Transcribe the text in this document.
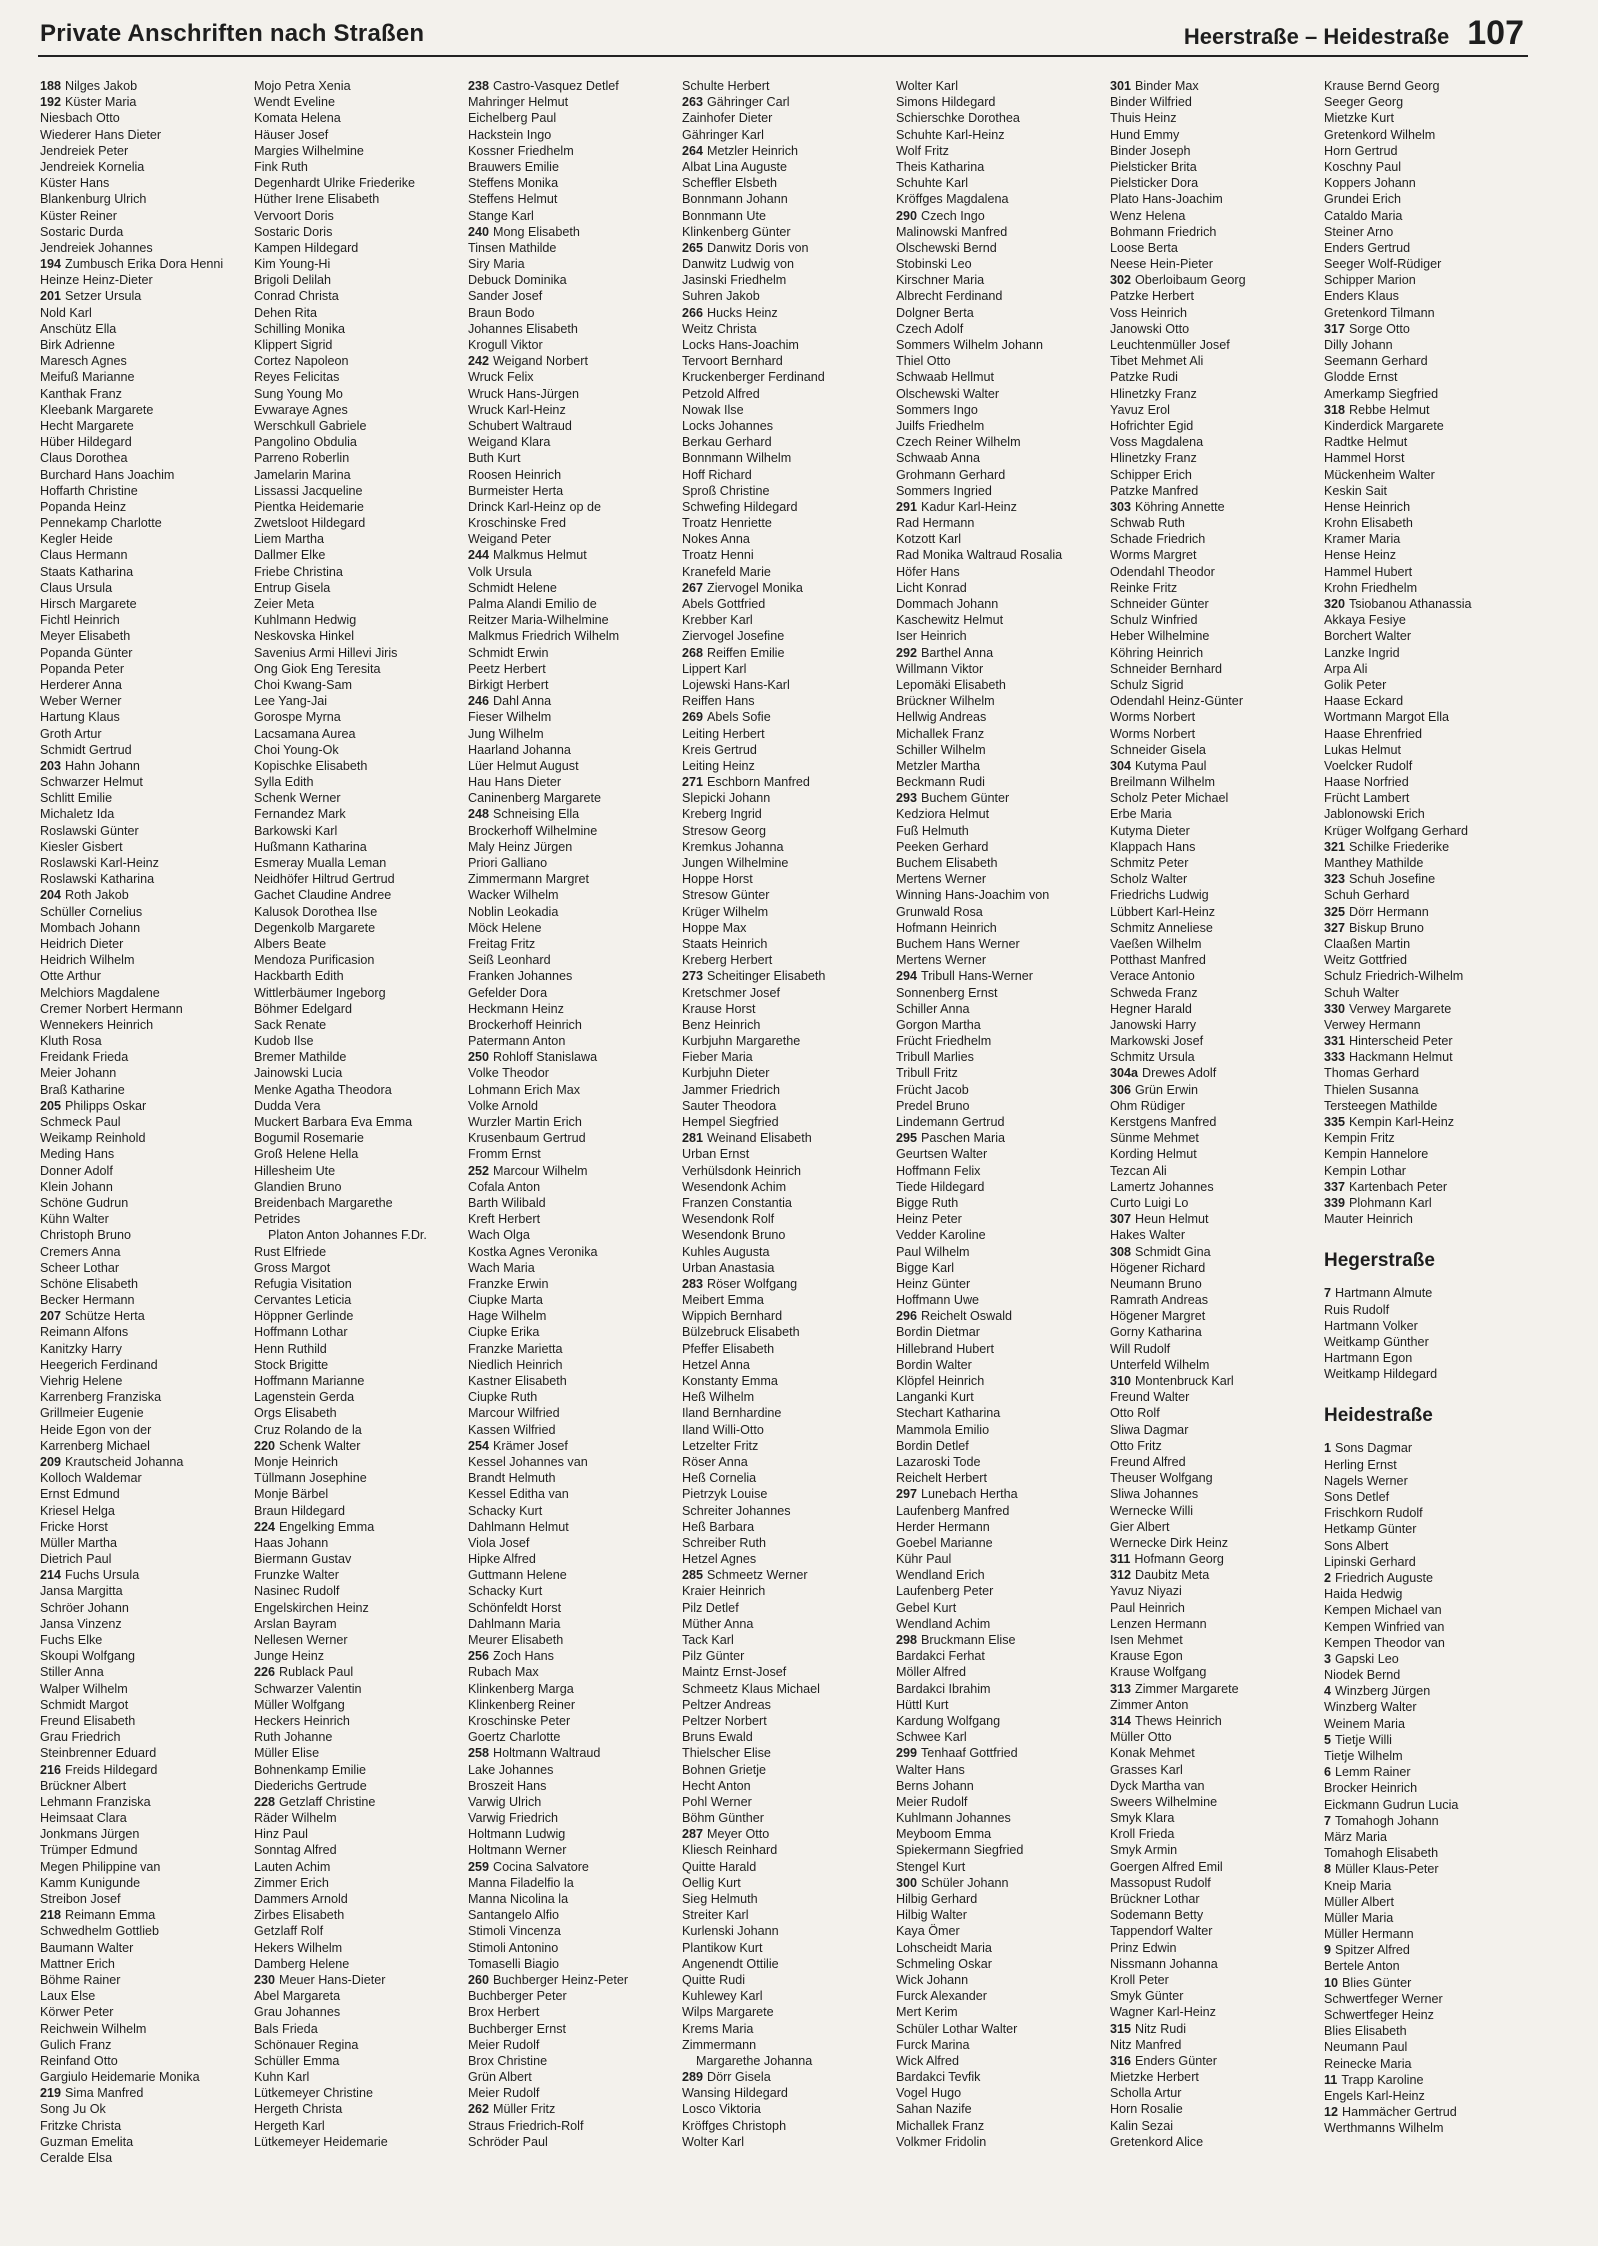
Private Anschriften nach Straßen	Heerstraße – Heidestraße 107
188 Nilges Jakob
192 Küster Maria
Niesbach Otto
Wiederer Hans Dieter
Jendreiek Peter
Jendreiek Kornelia
Küster Hans
Blankenburg Ulrich
Küster Reiner
Sostaric Durda
Jendreiek Johannes
194 Zumbusch Erika Dora Henni
Heinze Heinz-Dieter
201 Setzer Ursula
Nold Karl
Anschütz Ella
Birk Adrienne
Maresch Agnes
Meifuß Marianne
Kanthak Franz
Kleebank Margarete
Hecht Margarete
Hüber Hildegard
Claus Dorothea
Burchard Hans Joachim
Hoffarth Christine
Popanda Heinz
Pennekamp Charlotte
Kegler Heide
Claus Hermann
Staats Katharina
Claus Ursula
Hirsch Margarete
Fichtl Heinrich
Meyer Elisabeth
Popanda Günter
Popanda Peter
Herderer Anna
Weber Werner
Hartung Klaus
Groth Artur
Schmidt Gertrud
203 Hahn Johann
Schwarzer Helmut
Schlitt Emilie
Michaletz Ida
Roslawski Günter
Kiesler Gisbert
Roslawski Karl-Heinz
Roslawski Katharina
204 Roth Jakob
Schüller Cornelius
Mombach Johann
Heidrich Dieter
Heidrich Wilhelm
Otte Arthur
Melchiors Magdalene
Cremer Norbert Hermann
Wennekers Heinrich
Kluth Rosa
Freidank Frieda
Meier Johann
Braß Katharine
205 Philipps Oskar
Schmeck Paul
Weikamp Reinhold
Meding Hans
Donner Adolf
Klein Johann
Schöne Gudrun
Kühn Walter
Christoph Bruno
Cremers Anna
Scheer Lothar
Schöne Elisabeth
Becker Hermann
207 Schütze Herta
Reimann Alfons
Kanitzky Harry
Heegerich Ferdinand
Viehrig Helene
Karrenberg Franziska
Grillmeier Eugenie
Heide Egon von der
Karrenberg Michael
209 Krautscheid Johanna
Kolloch Waldemar
Ernst Edmund
Kriesel Helga
Fricke Horst
Müller Martha
Dietrich Paul
214 Fuchs Ursula
Jansa Margitta
Schröer Johann
Jansa Vinzenz
Fuchs Elke
Skoupi Wolfgang
Stiller Anna
Walper Wilhelm
Schmidt Margot
Freund Elisabeth
Grau Friedrich
Steinbrenner Eduard
216 Freids Hildegard
Brückner Albert
Lehmann Franziska
Heimsaat Clara
Jonkmans Jürgen
Trümper Edmund
Megen Philippine van
Kamm Kunigunde
Streibon Josef
218 Reimann Emma
Schwedhelm Gottlieb
Baumann Walter
Mattner Erich
Böhme Rainer
Laux Else
Körwer Peter
Reichwein Wilhelm
Gulich Franz
Reinfand Otto
Gargiulo Heidemarie Monika
219 Sima Manfred
Song Ju Ok
Fritzke Christa
Guzman Emelita
Ceralde Elsa
Mojo Petra Xenia
Wendt Eveline
Komata Helena
Häuser Josef
Margies Wilhelmine
Fink Ruth
Degenhardt Ulrike Friederike
Hüther Irene Elisabeth
Vervoort Doris
Sostaric Doris
Kampen Hildegard
Kim Young-Hi
Brigoli Delilah
Conrad Christa
Dehen Rita
Schilling Monika
Klippert Sigrid
Cortez Napoleon
Reyes Felicitas
Sung Young Mo
Evwaraye Agnes
Werschkull Gabriele
Pangolino Obdulia
Parreno Roberlin
Jamelarin Marina
Lissassi Jacqueline
Pientka Heidemarie
Zwetsloot Hildegard
Liem Martha
Dallmer Elke
Friebe Christina
Entrup Gisela
Zeier Meta
Kuhlmann Hedwig
Neskovska Hinkel
Savenius Armi Hillevi Jiris
Ong Giok Eng Teresita
Choi Kwang-Sam
Lee Yang-Jai
Gorospe Myrna
Lacsamana Aurea
Choi Young-Ok
Kopischke Elisabeth
Sylla Edith
Schenk Werner
Fernandez Mark
Barkowski Karl
Hußmann Katharina
Esmeray Mualla Leman
Neidhöfer Hiltrud Gertrud
Gachet Claudine Andree
Kalusok Dorothea Ilse
Degenkolb Margarete
Albers Beate
Mendoza Purificasion
Hackbarth Edith
Wittlerbäumer Ingeborg
Böhmer Edelgard
Sack Renate
Kudob Ilse
Bremer Mathilde
Jainowski Lucia
Menke Agatha Theodora
Dudda Vera
Muckert Barbara Eva Emma
Bogumil Rosemarie
Groß Helene Hella
Hillesheim Ute
Glandien Bruno
Breidenbach Margarethe
Petrides
Platon Anton Johannes F.Dr.
Rust Elfriede
Gross Margot
Refugia Visitation
Cervantes Leticia
Höppner Gerlinde
Hoffmann Lothar
Henn Ruthild
Stock Brigitte
Hoffmann Marianne
Lagenstein Gerda
Orgs Elisabeth
Cruz Rolando de la
220 Schenk Walter
Monje Heinrich
Tüllmann Josephine
Monje Bärbel
Braun Hildegard
224 Engelking Emma
Haas Johann
Biermann Gustav
Frunzke Walter
Nasinec Rudolf
Engelskirchen Heinz
Arslan Bayram
Nellesen Werner
Junge Heinz
226 Rublack Paul
Schwarzer Valentin
Müller Wolfgang
Heckers Heinrich
Ruth Johanne
Müller Elise
Bohnenkamp Emilie
Diederichs Gertrude
228 Getzlaff Christine
Räder Wilhelm
Hinz Paul
Sonntag Alfred
Lauten Achim
Zimmer Erich
Dammers Arnold
Zirbes Elisabeth
Getzlaff Rolf
Hekers Wilhelm
Damberg Helene
230 Meuer Hans-Dieter
Abel Margareta
Grau Johannes
Bals Frieda
Schönauer Regina
Schüller Emma
Kuhn Karl
Lütkemeyer Christine
Hergeth Christa
Hergeth Karl
Lütkemeyer Heidemarie
238 Castro-Vasquez Detlef
Mahringer Helmut
Eichelberg Paul
Hackstein Ingo
Kossner Friedhelm
Brauwers Emilie
Steffens Monika
Steffens Helmut
Stange Karl
240 Mong Elisabeth
Tinsen Mathilde
Siry Maria
Debuck Dominika
Sander Josef
Braun Bodo
Johannes Elisabeth
Krogull Viktor
242 Weigand Norbert
Wruck Felix
Wruck Hans-Jürgen
Wruck Karl-Heinz
Schubert Waltraud
Weigand Klara
Buth Kurt
Roosen Heinrich
Burmeister Herta
Drinck Karl-Heinz op de
Kroschinske Fred
Weigand Peter
244 Malkmus Helmut
Volk Ursula
Schmidt Helene
Palma Alandi Emilio de
Reitzer Maria-Wilhelmine
Malkmus Friedrich Wilhelm
Schmidt Erwin
Peetz Herbert
Birkigt Herbert
246 Dahl Anna
Fieser Wilhelm
Jung Wilhelm
Haarland Johanna
Lüer Helmut August
Hau Hans Dieter
Caninenberg Margarete
248 Schneising Ella
Brockerhoff Wilhelmine
Maly Heinz Jürgen
Priori Galliano
Zimmermann Margret
Wacker Wilhelm
Noblin Leokadia
Möck Helene
Freitag Fritz
Seiß Leonhard
Franken Johannes
Gefelder Dora
Heckmann Heinz
Brockerhoff Heinrich
Patermann Anton
250 Rohloff Stanislawa
Volke Theodor
Lohmann Erich Max
Volke Arnold
Wurzler Martin Erich
Krusenbaum Gertrud
Fromm Ernst
252 Marcour Wilhelm
Cofala Anton
Barth Wilibald
Kreft Herbert
Wach Olga
Kostka Agnes Veronika
Wach Maria
Franzke Erwin
Ciupke Marta
Hage Wilhelm
Ciupke Erika
Franzke Marietta
Niedlich Heinrich
Kastner Elisabeth
Ciupke Ruth
Marcour Wilfried
Kassen Wilfried
254 Krämer Josef
Kessel Johannes van
Brandt Helmuth
Kessel Editha van
Schacky Kurt
Dahlmann Helmut
Viola Josef
Hipke Alfred
Guttmann Helene
Schacky Kurt
Schönfeldt Horst
Dahlmann Maria
Meurer Elisabeth
256 Zoch Hans
Rubach Max
Klinkenberg Marga
Klinkenberg Reiner
Kroschinske Peter
Goertz Charlotte
258 Holtmann Waltraud
Lake Johannes
Broszeit Hans
Varwig Ulrich
Varwig Friedrich
Holtmann Ludwig
Holtmann Werner
259 Cocina Salvatore
Manna Filadelfio la
Manna Nicolina la
Santangelo Alfio
Stimoli Vincenza
Stimoli Antonino
Tomaselli Biagio
260 Buchberger Heinz-Peter
Buchberger Peter
Brox Herbert
Buchberger Ernst
Meier Rudolf
Brox Christine
Grün Albert
Meier Rudolf
262 Müller Fritz
Straus Friedrich-Rolf
Schröder Paul
Schulte Herbert
263 Gähringer Carl
Zainhofer Dieter
Gähringer Karl
264 Metzler Heinrich
Albat Lina Auguste
Scheffler Elsbeth
Bonnmann Johann
Bonnmann Ute
Klinkenberg Günter
265 Danwitz Doris von
Danwitz Ludwig von
Jasinski Friedhelm
Suhren Jakob
266 Hucks Heinz
Weitz Christa
Locks Hans-Joachim
Tervoort Bernhard
Kruckenberger Ferdinand
Petzold Alfred
Nowak Ilse
Locks Johannes
Berkau Gerhard
Bonnmann Wilhelm
Hoff Richard
Sproß Christine
Schwefing Hildegard
Troatz Henriette
Nokes Anna
Troatz Henni
Kranefeld Marie
267 Ziervogel Monika
Abels Gottfried
Krebber Karl
Ziervogel Josefine
268 Reiffen Emilie
Lippert Karl
Lojewski Hans-Karl
Reiffen Hans
269 Abels Sofie
Leiting Herbert
Kreis Gertrud
Leiting Heinz
271 Eschborn Manfred
Slepicki Johann
Kreberg Ingrid
Stresow Georg
Kremkus Johanna
Jungen Wilhelmine
Hoppe Horst
Stresow Günter
Krüger Wilhelm
Hoppe Max
Staats Heinrich
Kreberg Herbert
273 Scheitinger Elisabeth
Kretschmer Josef
Krause Horst
Benz Heinrich
Kurbjuhn Margarethe
Fieber Maria
Kurbjuhn Dieter
Jammer Friedrich
Sauter Theodora
Hempel Siegfried
281 Weinand Elisabeth
Urban Ernst
Verhülsdonk Heinrich
Wesendonk Achim
Franzen Constantia
Wesendonk Rolf
Wesendonk Bruno
Kuhles Augusta
Urban Anastasia
283 Röser Wolfgang
Meibert Emma
Wippich Bernhard
Bülzebruck Elisabeth
Pfeffer Elisabeth
Hetzel Anna
Konstanty Emma
Heß Wilhelm
Iland Bernhardine
Iland Willi-Otto
Letzelter Fritz
Röser Anna
Heß Cornelia
Pietrzyk Louise
Schreiter Johannes
Heß Barbara
Schreiber Ruth
Hetzel Agnes
285 Schmeetz Werner
Kraier Heinrich
Pilz Detlef
Müther Anna
Tack Karl
Pilz Günter
Maintz Ernst-Josef
Schmeetz Klaus Michael
Peltzer Andreas
Peltzer Norbert
Bruns Ewald
Thielscher Elise
Bohnen Grietje
Hecht Anton
Pohl Werner
Böhm Günther
287 Meyer Otto
Kliesch Reinhard
Quitte Harald
Oellig Kurt
Sieg Helmuth
Streiter Karl
Kurlenski Johann
Plantikow Kurt
Angenendt Ottilie
Quitte Rudi
Kuhlewey Karl
Wilps Margarete
Krems Maria
Zimmermann
Margarethe Johanna
289 Dörr Gisela
Wansing Hildegard
Losco Viktoria
Kröffges Christoph
Wolter Karl
Wolter Karl
Simons Hildegard
Schierschke Dorothea
Schuhte Karl-Heinz
Wolf Fritz
Theis Katharina
Schuhte Karl
Kröffges Magdalena
290 Czech Ingo
Malinowski Manfred
Olschewski Bernd
Stobinski Leo
Kirschner Maria
Albrecht Ferdinand
Dolgner Berta
Czech Adolf
Sommers Wilhelm Johann
Thiel Otto
Schwaab Hellmut
Olschewski Walter
Sommers Ingo
Juilfs Friedhelm
Czech Reiner Wilhelm
Schwaab Anna
Grohmann Gerhard
Sommers Ingried
291 Kadur Karl-Heinz
Rad Hermann
Kotzott Karl
Rad Monika Waltraud Rosalia
Höfer Hans
Licht Konrad
Dommach Johann
Kaschewitz Helmut
Iser Heinrich
292 Barthel Anna
Willmann Viktor
Lepomäki Elisabeth
Brückner Wilhelm
Hellwig Andreas
Michallek Franz
Schiller Wilhelm
Metzler Martha
Beckmann Rudi
293 Buchem Günter
Kedziora Helmut
Fuß Helmuth
Peeken Gerhard
Buchem Elisabeth
Mertens Werner
Winning Hans-Joachim von
Grunwald Rosa
Hofmann Heinrich
Buchem Hans Werner
Mertens Werner
294 Tribull Hans-Werner
Sonnenberg Ernst
Schiller Anna
Gorgon Martha
Frücht Friedhelm
Tribull Marlies
Tribull Fritz
Frücht Jacob
Predel Bruno
Lindemann Gertrud
295 Paschen Maria
Geurtsen Walter
Hoffmann Felix
Tiede Hildegard
Bigge Ruth
Heinz Peter
Vedder Karoline
Paul Wilhelm
Bigge Karl
Heinz Günter
Hoffmann Uwe
296 Reichelt Oswald
Bordin Dietmar
Hillebrand Hubert
Bordin Walter
Klöpfel Heinrich
Langanki Kurt
Stechart Katharina
Mammola Emilio
Bordin Detlef
Lazaroski Tode
Reichelt Herbert
297 Lunebach Hertha
Laufenberg Manfred
Herder Hermann
Goebel Marianne
Kühr Paul
Wendland Erich
Laufenberg Peter
Gebel Kurt
Wendland Achim
298 Bruckmann Elise
Bardakci Ferhat
Möller Alfred
Bardakci Ibrahim
Hüttl Kurt
Kardung Wolfgang
Schwee Karl
299 Tenhaaf Gottfried
Walter Hans
Berns Johann
Meier Rudolf
Kuhlmann Johannes
Meyboom Emma
Spiekermann Siegfried
Stengel Kurt
300 Schüler Johann
Hilbig Gerhard
Hilbig Walter
Kaya Ömer
Lohscheidt Maria
Schmeling Oskar
Wick Johann
Furck Alexander
Mert Kerim
Schüler Lothar Walter
Furck Marina
Wick Alfred
Bardakci Tevfik
Vogel Hugo
Sahan Nazife
Michallek Franz
Volkmer Fridolin
301 Binder Max
Binder Wilfried
Thuis Heinz
Hund Emmy
Binder Joseph
Pielsticker Brita
Pielsticker Dora
Plato Hans-Joachim
Wenz Helena
Bohmann Friedrich
Loose Berta
Neese Hein-Pieter
302 Oberloibaum Georg
Patzke Herbert
Voss Heinrich
Janowski Otto
Leuchtenmüller Josef
Tibet Mehmet Ali
Patzke Rudi
Hlinetzky Franz
Yavuz Erol
Hofrichter Egid
Voss Magdalena
Hlinetzky Franz
Schipper Erich
Patzke Manfred
303 Köhring Annette
Schwab Ruth
Schade Friedrich
Worms Margret
Odendahl Theodor
Reinke Fritz
Schneider Günter
Schulz Winfried
Heber Wilhelmine
Köhring Heinrich
Schneider Bernhard
Schulz Sigrid
Odendahl Heinz-Günter
Worms Norbert
Worms Norbert
Schneider Gisela
304 Kutyma Paul
Breilmann Wilhelm
Scholz Peter Michael
Erbe Maria
Kutyma Dieter
Klappach Hans
Schmitz Peter
Scholz Walter
Friedrichs Ludwig
Lübbert Karl-Heinz
Schmitz Anneliese
Vaeßen Wilhelm
Potthast Manfred
Verace Antonio
Schweda Franz
Hegner Harald
Janowski Harry
Markowski Josef
Schmitz Ursula
304a Drewes Adolf
306 Grün Erwin
Ohm Rüdiger
Kerstgens Manfred
Sünme Mehmet
Kording Helmut
Tezcan Ali
Lamertz Johannes
Curto Luigi Lo
307 Heun Helmut
Hakes Walter
308 Schmidt Gina
Högener Richard
Neumann Bruno
Ramrath Andreas
Högener Margret
Gorny Katharina
Will Rudolf
Unterfeld Wilhelm
310 Montenbruck Karl
Freund Walter
Otto Rolf
Sliwa Dagmar
Otto Fritz
Freund Alfred
Theuser Wolfgang
Sliwa Johannes
Wernecke Willi
Gier Albert
Wernecke Dirk Heinz
311 Hofmann Georg
312 Daubitz Meta
Yavuz Niyazi
Paul Heinrich
Lenzen Hermann
Isen Mehmet
Krause Egon
Krause Wolfgang
313 Zimmer Margarete
Zimmer Anton
314 Thews Heinrich
Müller Otto
Konak Mehmet
Grasses Karl
Dyck Martha van
Sweers Wilhelmine
Smyk Klara
Kroll Frieda
Smyk Armin
Goergen Alfred Emil
Massopust Rudolf
Brückner Lothar
Sodemann Betty
Tappendorf Walter
Prinz Edwin
Nissmann Johanna
Kroll Peter
Smyk Günter
Wagner Karl-Heinz
315 Nitz Rudi
Nitz Manfred
316 Enders Günter
Mietzke Herbert
Scholla Artur
Horn Rosalie
Kalin Sezai
Gretenkord Alice
Krause Bernd Georg
Seeger Georg
Mietzke Kurt
Gretenkord Wilhelm
Horn Gertrud
Koschny Paul
Koppers Johann
Grundei Erich
Cataldo Maria
Steiner Arno
Enders Gertrud
Seeger Wolf-Rüdiger
Schipper Marion
Enders Klaus
Gretenkord Tilmann
317 Sorge Otto
Dilly Johann
Seemann Gerhard
Glodde Ernst
Amerkamp Siegfried
318 Rebbe Helmut
Kinderdick Margarete
Radtke Helmut
Hammel Horst
Mückenheim Walter
Keskin Sait
Hense Heinrich
Krohn Elisabeth
Kramer Maria
Hense Heinz
Hammel Hubert
Krohn Friedhelm
320 Tsiobanou Athanassia
Akkaya Fesiye
Borchert Walter
Lanzke Ingrid
Arpa Ali
Golik Peter
Haase Eckard
Wortmann Margot Ella
Haase Ehrenfried
Lukas Helmut
Voelcker Rudolf
Haase Norfried
Frücht Lambert
Jablonowski Erich
Krüger Wolfgang Gerhard
321 Schilke Friederike
Manthey Mathilde
323 Schuh Josefine
Schuh Gerhard
325 Dörr Hermann
327 Biskup Bruno
Claaßen Martin
Weitz Gottfried
Schulz Friedrich-Wilhelm
Schuh Walter
330 Verwey Margarete
Verwey Hermann
331 Hinterscheid Peter
333 Hackmann Helmut
Thomas Gerhard
Thielen Susanna
Tersteegen Mathilde
335 Kempin Karl-Heinz
Kempin Fritz
Kempin Hannelore
Kempin Lothar
337 Kartenbach Peter
339 Plohmann Karl
Mauter Heinrich
Hegerstraße
7 Hartmann Almute
Ruis Rudolf
Hartmann Volker
Weitkamp Günther
Hartmann Egon
Weitkamp Hildegard
Heidestraße
1 Sons Dagmar
Herling Ernst
Nagels Werner
Sons Detlef
Frischkorn Rudolf
Hetkamp Günter
Sons Albert
Lipinski Gerhard
2 Friedrich Auguste
Haida Hedwig
Kempen Michael van
Kempen Winfried van
Kempen Theodor van
3 Gapski Leo
Niodek Bernd
4 Winzberg Jürgen
Winzberg Walter
Weinem Maria
5 Tietje Willi
Tietje Wilhelm
6 Lemm Rainer
Brocker Heinrich
Eickmann Gudrun Lucia
7 Tomahogh Johann
März Maria
Tomahogh Elisabeth
8 Müller Klaus-Peter
Kneip Maria
Müller Albert
Müller Maria
Müller Hermann
9 Spitzer Alfred
Bertele Anton
10 Blies Günter
Schwertfeger Werner
Schwertfeger Heinz
Blies Elisabeth
Neumann Paul
Reinecke Maria
11 Trapp Karoline
Engels Karl-Heinz
12 Hammächer Gertrud
Werthmanns Wilhelm
